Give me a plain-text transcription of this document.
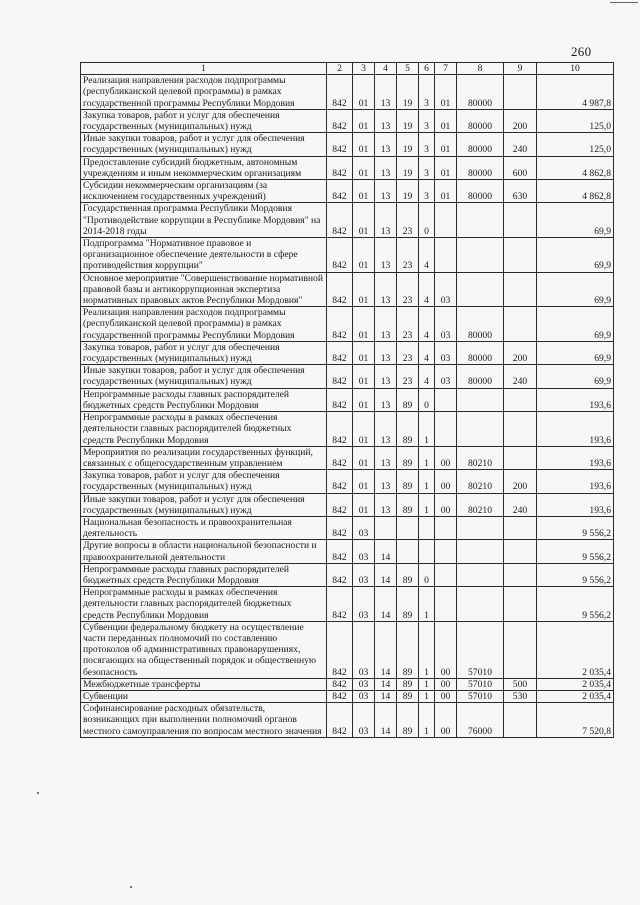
260
1	2	3	4	5	6	7	8	9	10
Реализация направления расходов подпрограммы (республиканской целевой программы) в рамках государственной программы Республики Мордовия	842	01	13	19	3	01	80000		4 987,8
Закупка товаров, работ и услуг для обеспечения государственных (муниципальных) нужд	842	01	13	19	3	01	80000	200	125,0
Иные закупки товаров, работ и услуг для обеспечения государственных (муниципальных) нужд	842	01	13	19	3	01	80000	240	125,0
Предоставление субсидий бюджетным, автономным учреждениям и иным некоммерческим организациям	842	01	13	19	3	01	80000	600	4 862,8
Субсидии некоммерческим организациям (за исключением государственных учреждений)	842	01	13	19	3	01	80000	630	4 862,8
Государственная программа Республики Мордовия "Противодействие коррупции в Республике Мордовия" на 2014-2018 годы	842	01	13	23	0				69,9
Подпрограмма "Нормативное правовое и организационное обеспечение деятельности в сфере противодействия коррупции"	842	01	13	23	4				69,9
Основное мероприятие "Совершенствование нормативной правовой базы и антикоррупционная экспертиза нормативных правовых актов Республики Мордовия"	842	01	13	23	4	03			69,9
Реализация направления расходов подпрограммы (республиканской целевой программы) в рамках государственной программы Республики Мордовия	842	01	13	23	4	03	80000		69,9
Закупка товаров, работ и услуг для обеспечения государственных (муниципальных) нужд	842	01	13	23	4	03	80000	200	69,9
Иные закупки товаров, работ и услуг для обеспечения государственных (муниципальных) нужд	842	01	13	23	4	03	80000	240	69,9
Непрограммные расходы главных распорядителей бюджетных средств Республики Мордовия	842	01	13	89	0				193,6
Непрограммные расходы в рамках обеспечения деятельности главных распорядителей бюджетных средств Республики Мордовия	842	01	13	89	1				193,6
Мероприятия по реализации государственных функций, связанных с общегосударственным управлением	842	01	13	89	1	00	80210		193,6
Закупка товаров, работ и услуг для обеспечения государственных (муниципальных) нужд	842	01	13	89	1	00	80210	200	193,6
Иные закупки товаров, работ и услуг для обеспечения государственных (муниципальных) нужд	842	01	13	89	1	00	80210	240	193,6
Национальная безопасность и правоохранительная деятельность	842	03							9 556,2
Другие вопросы в области национальной безопасности и правоохранительной деятельности	842	03	14						9 556,2
Непрограммные расходы главных распорядителей бюджетных средств Республики Мордовия	842	03	14	89	0				9 556,2
Непрограммные расходы в рамках обеспечения деятельности главных распорядителей бюджетных средств Республики Мордовия	842	03	14	89	1				9 556,2
Субвенции федеральному бюджету на осуществление части переданных полномочий по составлению протоколов об административных правонарушениях, посягающих на общественный порядок и общественную безопасность	842	03	14	89	1	00	57010		2 035,4
Межбюджетные трансферты	842	03	14	89	1	00	57010	500	2 035,4
Субвенции	842	03	14	89	1	00	57010	530	2 035,4
Софинансирование расходных обязательств, возникающих при выполнении полномочий органов местного самоуправления по вопросам местного значения	842	03	14	89	1	00	76000		7 520,8
